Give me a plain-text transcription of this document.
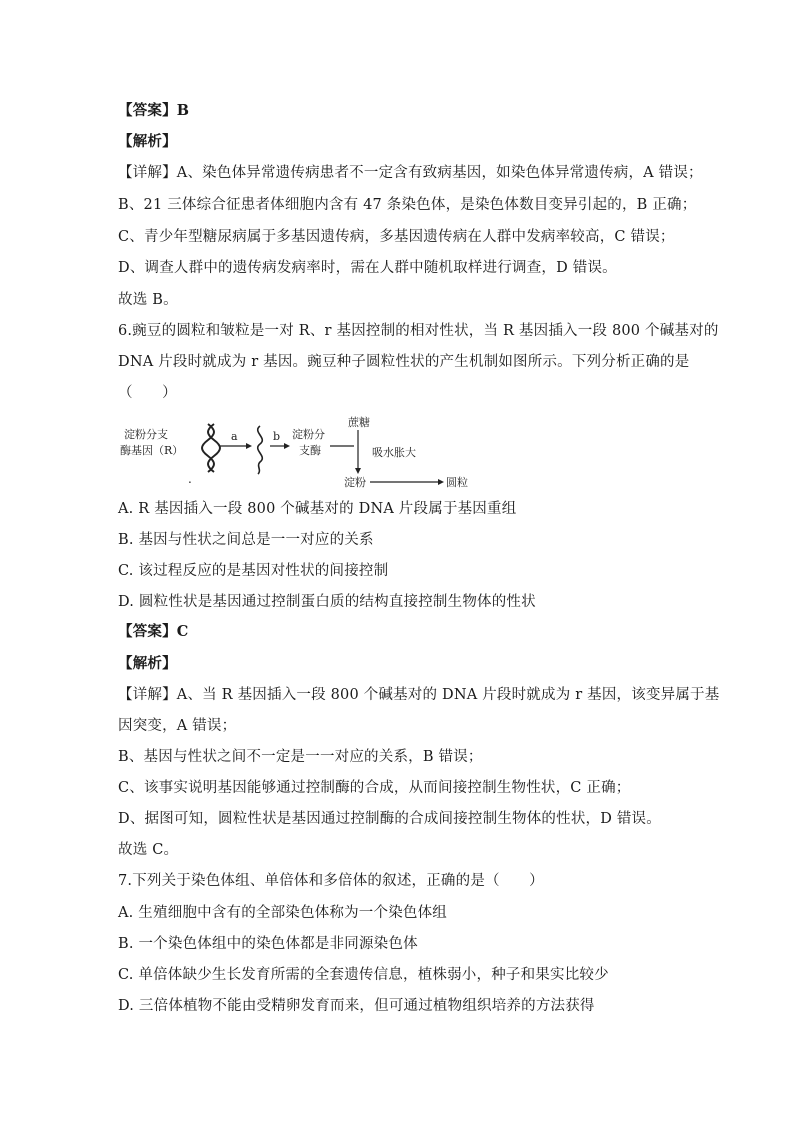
【答案】B
【解析】
【详解】A、染色体异常遗传病患者不一定含有致病基因，如染色体异常遗传病，A 错误；
B、21 三体综合征患者体细胞内含有 47 条染色体，是染色体数目变异引起的，B 正确；
C、青少年型糖尿病属于多基因遗传病，多基因遗传病在人群中发病率较高，C 错误；
D、调查人群中的遗传病发病率时，需在人群中随机取样进行调查，D 错误。
故选 B。
6.豌豆的圆粒和皱粒是一对 R、r 基因控制的相对性状，当 R 基因插入一段 800 个碱基对的
DNA 片段时就成为 r 基因。豌豆种子圆粒性状的产生机制如图所示。下列分析正确的是
（　　）
淀粉分支
酶基因（R）
a	b 淀粉分
支酶
蔗糖
吸水胀大
淀粉	圆粒
.
A. R 基因插入一段 800 个碱基对的 DNA 片段属于基因重组
B. 基因与性状之间总是一一对应的关系
C. 该过程反应的是基因对性状的间接控制
D. 圆粒性状是基因通过控制蛋白质的结构直接控制生物体的性状
【答案】C
【解析】
【详解】A、当 R 基因插入一段 800 个碱基对的 DNA 片段时就成为 r 基因，该变异属于基
因突变，A 错误；
B、基因与性状之间不一定是一一对应的关系，B 错误；
C、该事实说明基因能够通过控制酶的合成，从而间接控制生物性状，C 正确；
D、据图可知，圆粒性状是基因通过控制酶的合成间接控制生物体的性状，D 错误。
故选 C。
7.下列关于染色体组、单倍体和多倍体的叙述，正确的是（　　）
A. 生殖细胞中含有的全部染色体称为一个染色体组
B. 一个染色体组中的染色体都是非同源染色体
C. 单倍体缺少生长发育所需的全套遗传信息，植株弱小，种子和果实比较少
D. 三倍体植物不能由受精卵发育而来，但可通过植物组织培养的方法获得
